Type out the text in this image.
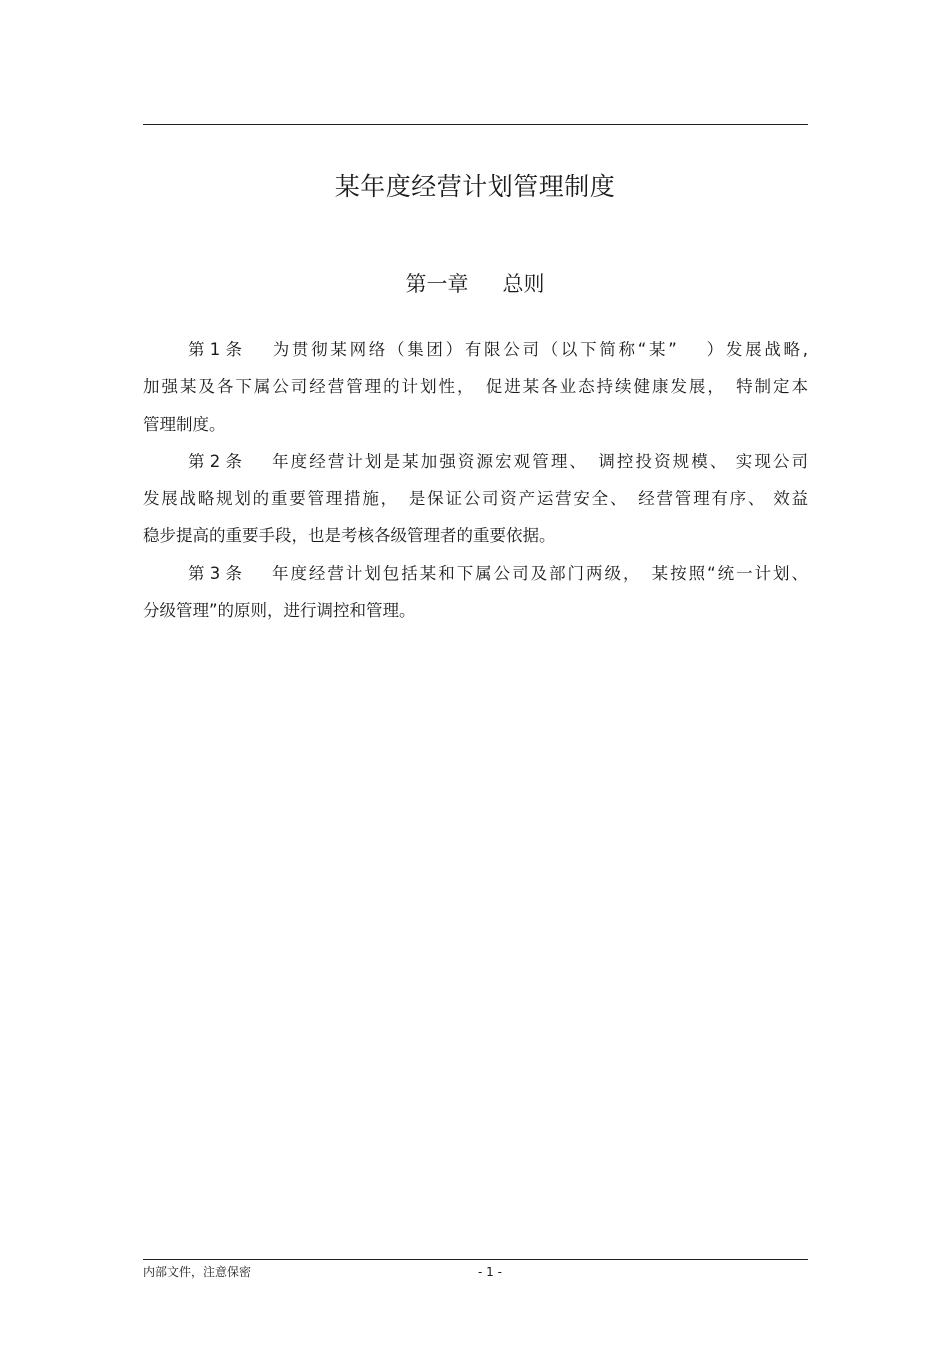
某年度经营计划管理制度
第一章 总则
第 1 条 为贯彻某网络（集团）有限公司（以下简称“某”　 ）发展战略,
加强某及各下属公司经营管理的计划性，　促进某各业态持续健康发展，　特制定本
管理制度。
第 2 条 年度经营计划是某加强资源宏观管理、　调控投资规模、 实现公司
发展战略规划的重要管理措施，　是保证公司资产运营安全、　经营管理有序、 效益
稳步提高的重要手段，也是考核各级管理者的重要依据。
第 3 条 年度经营计划包括某和下属公司及部门两级，　某按照“统一计划、
分级管理”的原则，进行调控和管理。
内部文件，注意保密	- 1 -
